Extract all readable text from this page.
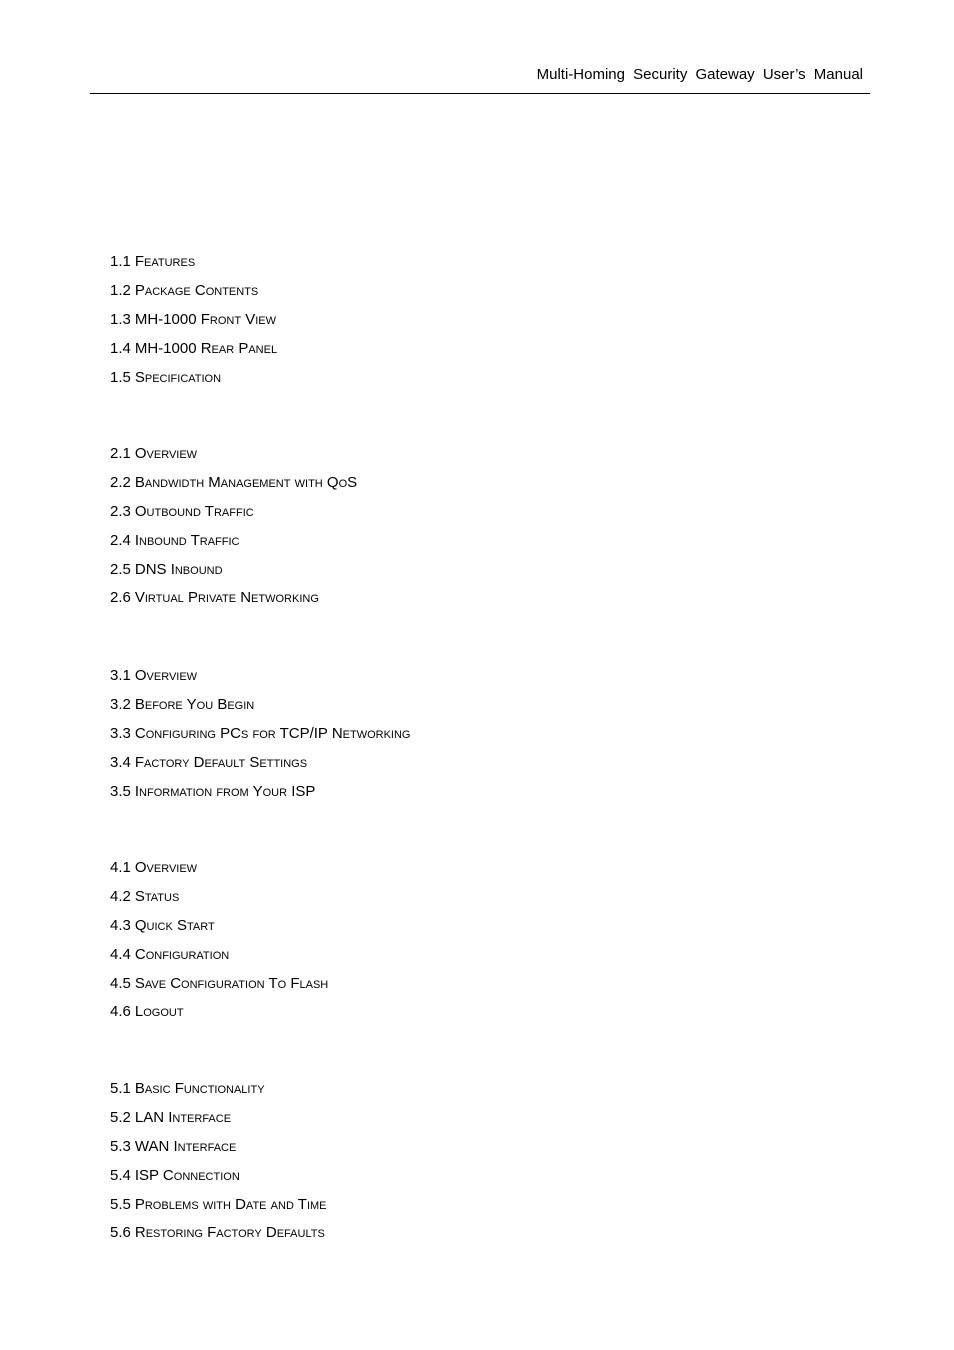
Multi-Homing Security Gateway User’s Manual
1.1 Features
1.2 Package Contents
1.3 MH-1000 Front View
1.4 MH-1000 Rear Panel
1.5 Specification
2.1 Overview
2.2 Bandwidth Management with QoS
2.3 Outbound Traffic
2.4 Inbound Traffic
2.5 DNS Inbound
2.6 Virtual Private Networking
3.1 Overview
3.2 Before You Begin
3.3 Configuring PCs for TCP/IP Networking
3.4 Factory Default Settings
3.5 Information from Your ISP
4.1 Overview
4.2 Status
4.3 Quick Start
4.4 Configuration
4.5 Save Configuration To Flash
4.6 Logout
5.1 Basic Functionality
5.2 LAN Interface
5.3 WAN Interface
5.4 ISP Connection
5.5 Problems with Date and Time
5.6 Restoring Factory Defaults
